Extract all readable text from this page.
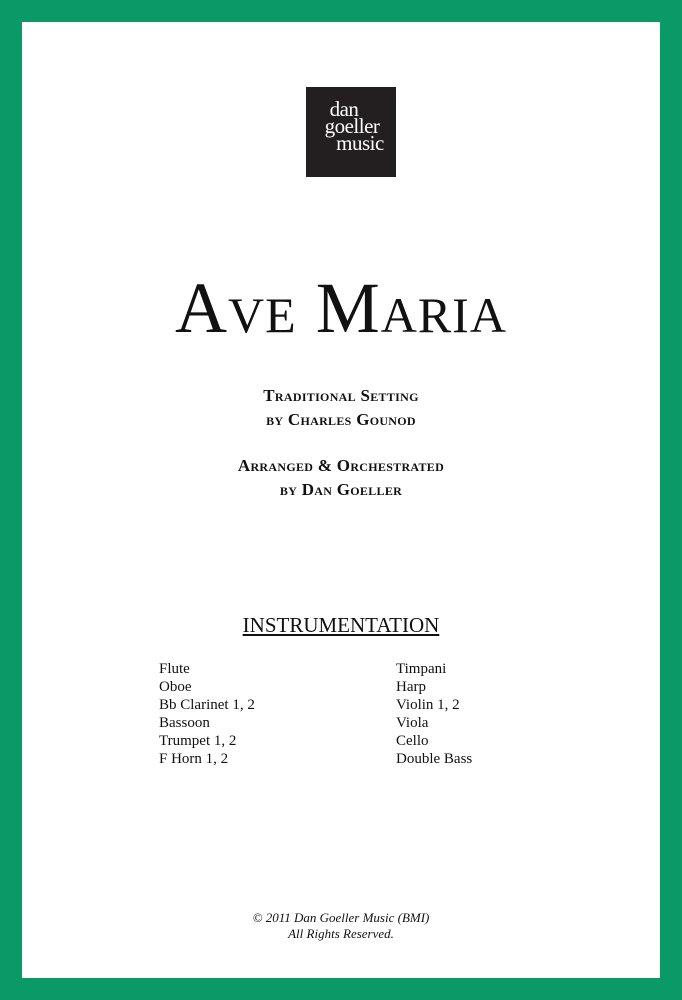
dan
goeller
music
Ave Maria
Traditional Setting
by Charles Gounod
Arranged & Orchestrated
by Dan Goeller
INSTRUMENTATION
Flute
Oboe
Bb Clarinet 1, 2
Bassoon
Trumpet 1, 2
F Horn 1, 2
Timpani
Harp
Violin 1, 2
Viola
Cello
Double Bass
© 2011 Dan Goeller Music (BMI)
All Rights Reserved.
